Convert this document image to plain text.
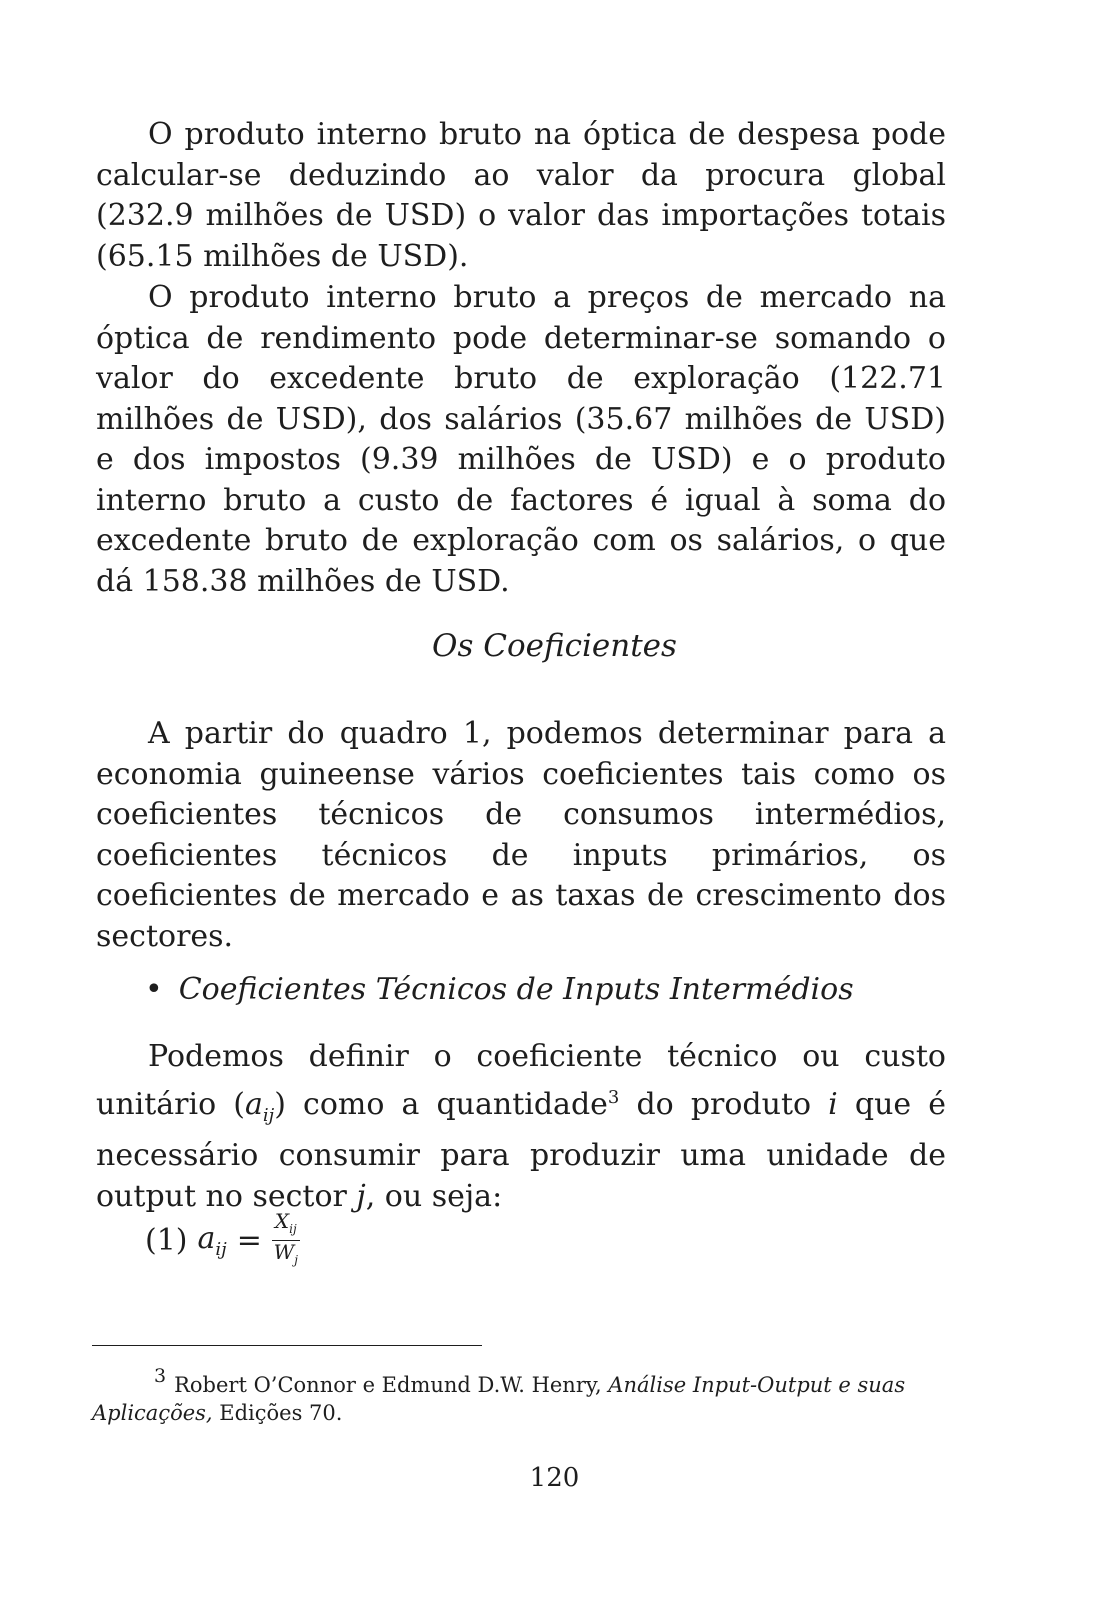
O produto interno bruto na óptica de despesa pode calcular-se deduzindo ao valor da procura global (232.9 milhões de USD) o valor das importações totais (65.15 milhões de USD).

O produto interno bruto a preços de mercado na óptica de rendimento pode determinar-se somando o valor do excedente bruto de exploração (122.71 milhões de USD), dos salários (35.67 milhões de USD) e dos impostos (9.39 milhões de USD) e o produto interno bruto a custo de factores é igual à soma do excedente bruto de exploração com os salários, o que dá 158.38 milhões de USD.

Os Coeficientes

A partir do quadro 1, podemos determinar para a economia guineense vários coeficientes tais como os coeficientes técnicos de consumos intermédios, coeficientes técnicos de inputs primários, os coeficientes de mercado e as taxas de crescimento dos sectores.

• Coeficientes Técnicos de Inputs Intermédios

Podemos definir o coeficiente técnico ou custo unitário $(a_{ij})$ como a quantidade$^3$ do produto i que é necessário consumir para produzir uma unidade de output no sector j, ou seja:

(1) $a_{ij} = \frac{X_{ij}}{W_j}$

3 Robert O’Connor e Edmund D.W. Henry, Análise Input-Output e suas Aplicações, Edições 70.

120
